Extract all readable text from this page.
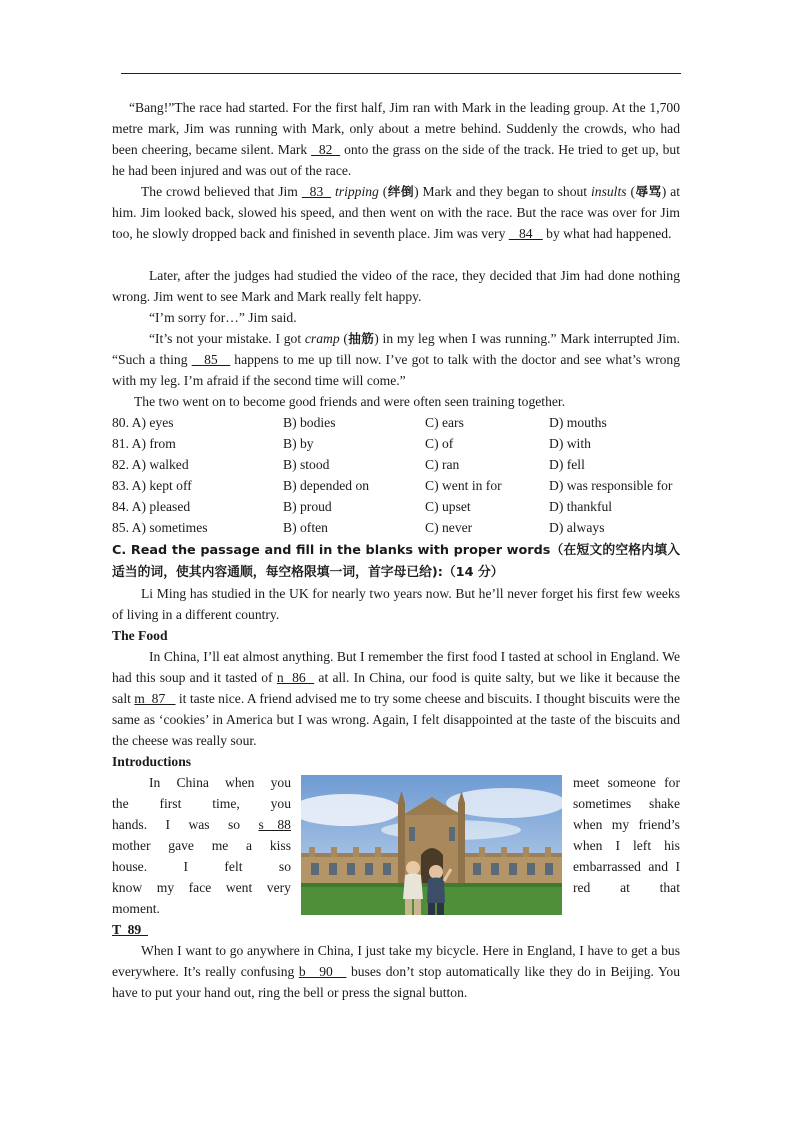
“Bang!”The race had started. For the first half, Jim ran with Mark in the leading group. At the 1,700 metre mark, Jim was running with Mark, only about a metre behind. Suddenly the crowds, who had been cheering, became silent. Mark   82   onto the grass on the side of the track. He tried to get up, but he had been injured and was out of the race.

The crowd believed that Jim   83   tripping (绊倒) Mark and they began to shout insults (辱骂) at him. Jim looked back, slowed his speed, and then went on with the race. But the race was over for Jim too, he slowly dropped back and finished in seventh place. Jim was very    84    by what had happened.

Later, after the judges had studied the video of the race, they decided that Jim had done nothing wrong. Jim went to see Mark and Mark really felt happy.

“I’m sorry for…” Jim said.

“It’s not your mistake. I got cramp (抽筋) in my leg when I was running.” Mark interrupted Jim. “Such a thing    85    happens to me up till now. I’ve got to talk with the doctor and see what’s wrong with my leg. I’m afraid if the second time will come.”

The two went on to become good friends and were often seen training together.

80. A) eyes	B) bodies	C) ears	D) mouths
81. A) from	B) by	C) of	D) with
82. A) walked	B) stood	C) ran	D) fell
83. A) kept off	B) depended on	C) went in for	D) was responsible for
84. A) pleased	B) proud	C) upset	D) thankful
85. A) sometimes	B) often	C) never	D) always

C. Read the passage and fill in the blanks with proper words（在短文的空格内填入适当的词，使其内容通顺，每空格限填一词，首字母已给):（14 分）

Li Ming has studied in the UK for nearly two years now. But he’ll never forget his first few weeks of living in a different country.

The Food

In China, I’ll eat almost anything. But I remember the first food I tasted at school in England. We had this soup and it tasted of n  86   at all. In China, our food is quite salty, but we like it because the salt m  87    it taste nice. A friend advised me to try some cheese and biscuits. I thought biscuits were the same as ‘cookies’ in America but I was wrong. Again, I felt disappointed at the taste of the biscuits and the cheese was really sour.

Introductions

In China when you
the first time, you
hands. I was so s    88
mother gave me a kiss
house.	I	felt	so
know my face went very
moment.
meet someone for
sometimes shake
when my friend’s
when I left his
embarrassed and I
red at that

T  89

When I want to go anywhere in China, I just take my bicycle. Here in England, I have to get a bus everywhere. It’s really confusing b   90    buses don’t stop automatically like they do in Beijing. You have to put your hand out, ring the bell or press the signal button.
